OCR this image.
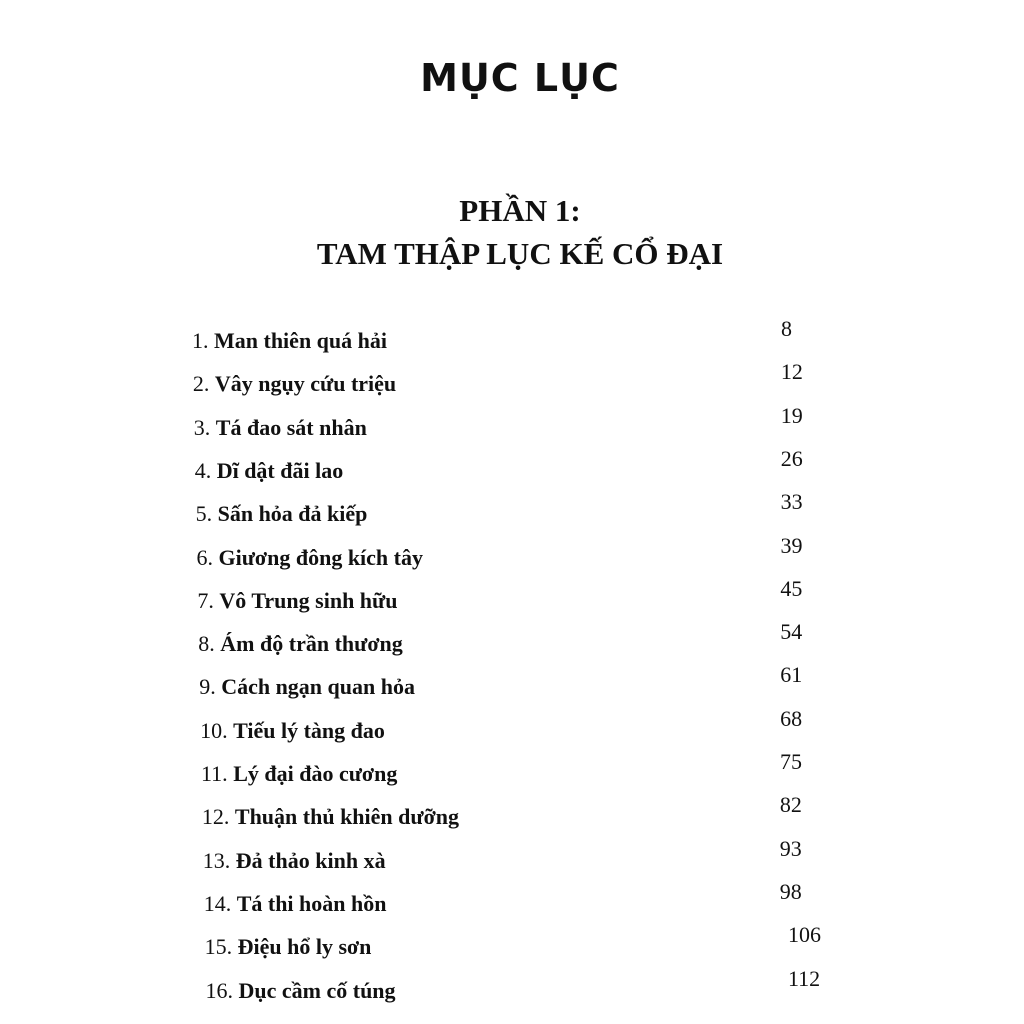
MỤC LỤC
PHẦN 1:
TAM THẬP LỤC KẾ CỔ ĐẠI
1. Man thiên quá hải	8
2. Vây ngụy cứu triệu	12
3. Tá đao sát nhân	19
4. Dĩ dật đãi lao	26
5. Sấn hỏa đả kiếp	33
6. Giương đông kích tây	39
7. Vô Trung sinh hữu	45
8. Ám độ trần thương	54
9. Cách ngạn quan hỏa	61
10. Tiếu lý tàng đao	68
11. Lý đại đào cương	75
12. Thuận thủ khiên dưỡng	82
13. Đả thảo kinh xà	93
14. Tá thi hoàn hồn	98
15. Điệu hổ ly sơn	106
16. Dục cầm cố túng	112
